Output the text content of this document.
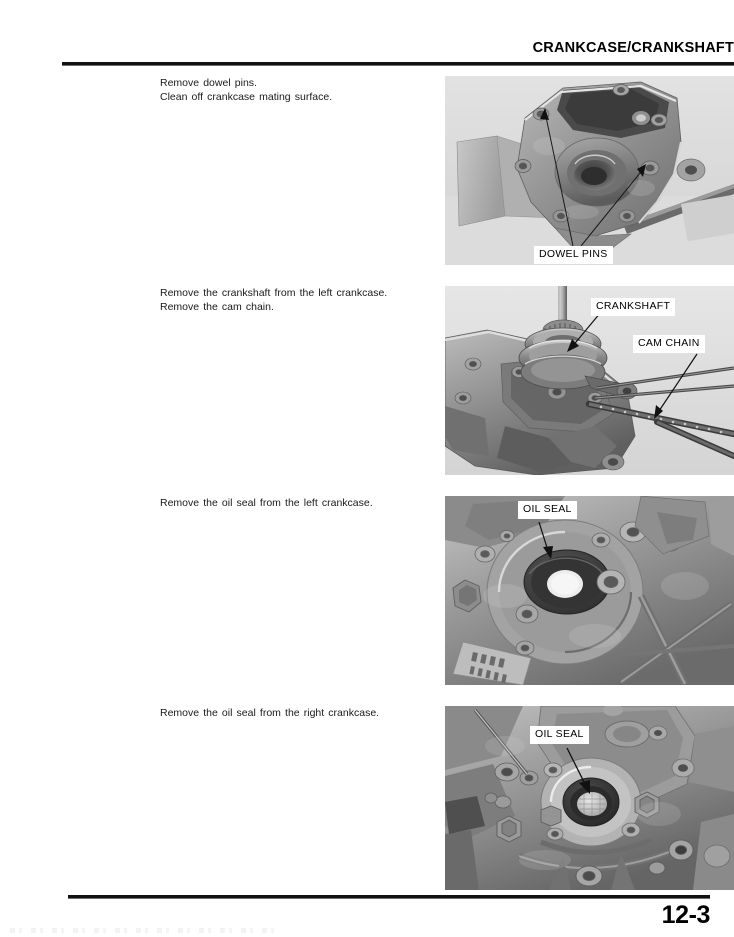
CRANKCASE/CRANKSHAFT
Remove dowel pins.
Clean off crankcase mating surface.
DOWEL PINS
Remove the crankshaft from the left crankcase.
Remove the cam chain.	CRANKSHAFT
CAM CHAIN
Remove the oil seal from the left crankcase.	OIL SEAL
Remove the oil seal from the right crankcase.
OIL SEAL
12-3
